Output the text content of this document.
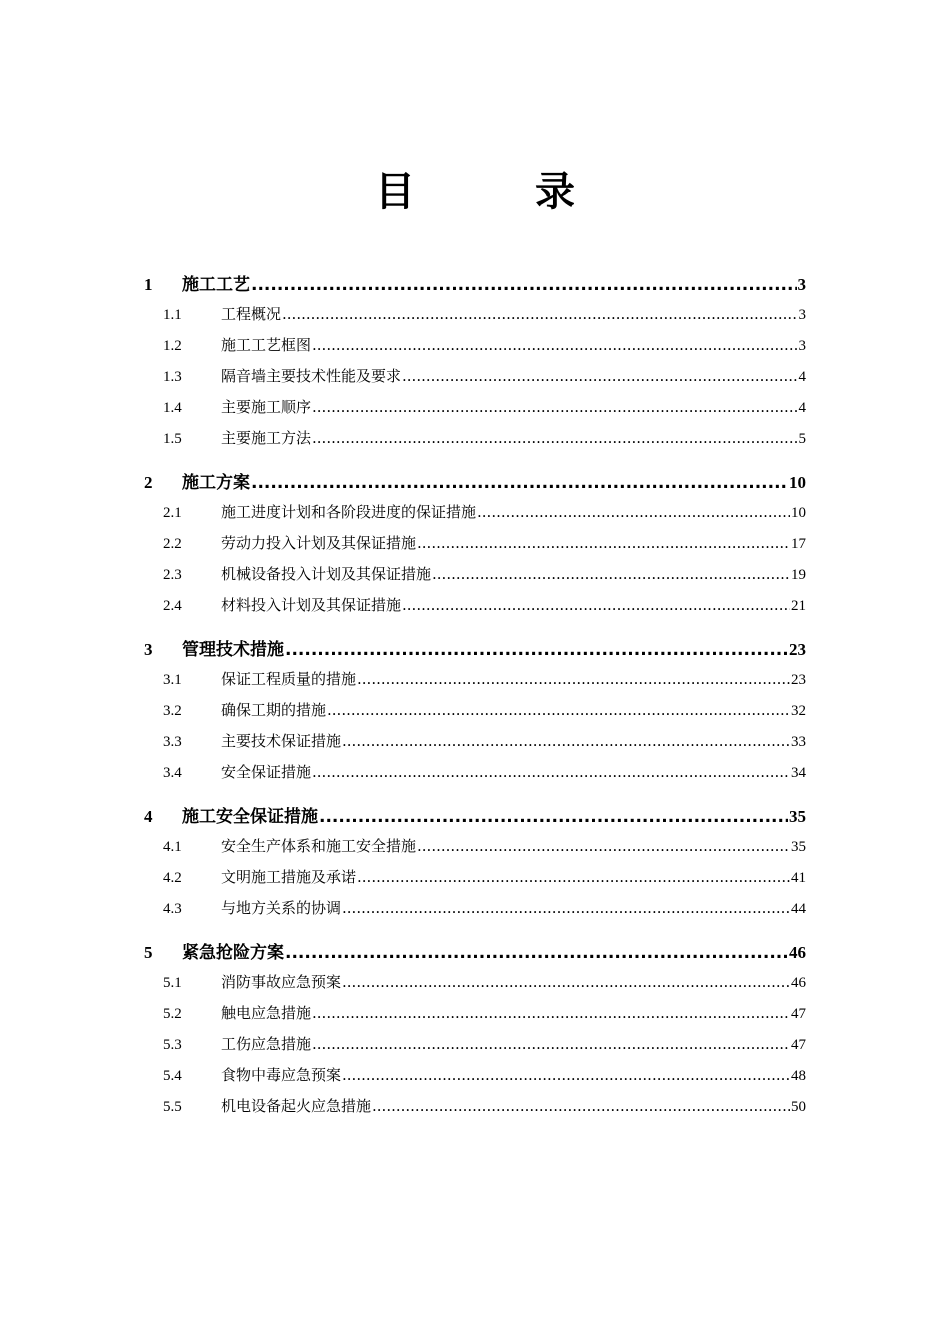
目　录
1	施工工艺 .....	3
1.1	工程概况 .....	3
1.2	施工工艺框图 .....	3
1.3	隔音墙主要技术性能及要求 .....	4
1.4	主要施工顺序 .....	4
1.5	主要施工方法 .....	5
2	施工方案 .....	10
2.1	施工进度计划和各阶段进度的保证措施 .....	10
2.2	劳动力投入计划及其保证措施 .....	17
2.3	机械设备投入计划及其保证措施 .....	19
2.4	材料投入计划及其保证措施 .....	21
3	管理技术措施 .....	23
3.1	保证工程质量的措施 .....	23
3.2	确保工期的措施 .....	32
3.3	主要技术保证措施 .....	33
3.4	安全保证措施 .....	34
4	施工安全保证措施 .....	35
4.1	安全生产体系和施工安全措施 .....	35
4.2	文明施工措施及承诺 .....	41
4.3	与地方关系的协调 .....	44
5	紧急抢险方案 .....	46
5.1	消防事故应急预案 .....	46
5.2	触电应急措施 .....	47
5.3	工伤应急措施 .....	47
5.4	食物中毒应急预案 .....	48
5.5	机电设备起火应急措施 .....	50
